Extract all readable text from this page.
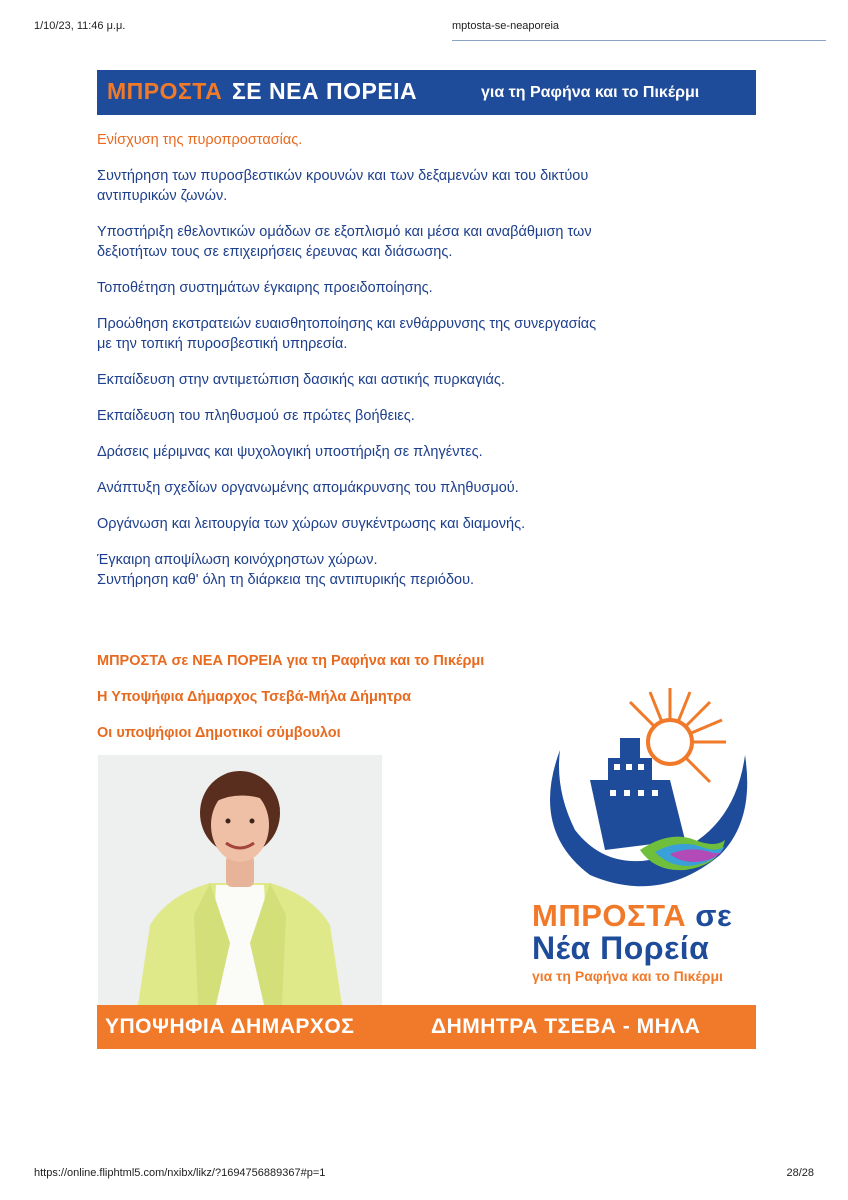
1/10/23, 11:46 μ.μ.	mptosta-se-neaporeia
ΜΠΡΟΣΤΑ ΣΕ ΝΕΑ ΠΟΡΕΙΑ	για τη Ραφήνα και το Πικέρμι

Ενίσχυση της πυροπροστασίας.

Συντήρηση των πυροσβεστικών κρουνών και των δεξαμενών και του δικτύου

αντιπυρικών ζωνών.

Υποστήριξη εθελοντικών ομάδων σε εξοπλισμό και μέσα και αναβάθμιση των

δεξιοτήτων τους σε επιχειρήσεις έρευνας και διάσωσης.

Τοποθέτηση συστημάτων έγκαιρης προειδοποίησης.

Προώθηση εκστρατειών ευαισθητοποίησης και ενθάρρυνσης της συνεργασίας

με την τοπική πυροσβεστική υπηρεσία.

Εκπαίδευση στην αντιμετώπιση δασικής και αστικής πυρκαγιάς.

Εκπαίδευση του πληθυσμού σε πρώτες βοήθειες.

Δράσεις μέριμνας και ψυχολογική υποστήριξη σε πληγέντες.

Ανάπτυξη σχεδίων οργανωμένης απομάκρυνσης του πληθυσμού.

Οργάνωση και λειτουργία των χώρων συγκέντρωσης και διαμονής.

Έγκαιρη αποψίλωση κοινόχρηστων χώρων.

Συντήρηση καθ' όλη τη διάρκεια της αντιπυρικής περιόδου.

ΜΠΡΟΣΤΑ σε ΝΕΑ ΠΟΡΕΙΑ για τη Ραφήνα και το Πικέρμι
Η Υποψήφια Δήμαρχος Τσεβά-Μήλα Δήμητρα
Οι υποψήφιοι Δημοτικοί σύμβουλοι
ΜΠΡΟΣΤΑ σε
Νέα Πορεία
για τη Ραφήνα και το Πικέρμι
ΥΠΟΨΗΦΙΑ ΔΗΜΑΡΧΟΣ	ΔΗΜΗΤΡΑ ΤΣΕΒΑ - ΜΗΛΑ
https://online.fliphtml5.com/nxibx/likz/?1694756889367#p=1	28/28
